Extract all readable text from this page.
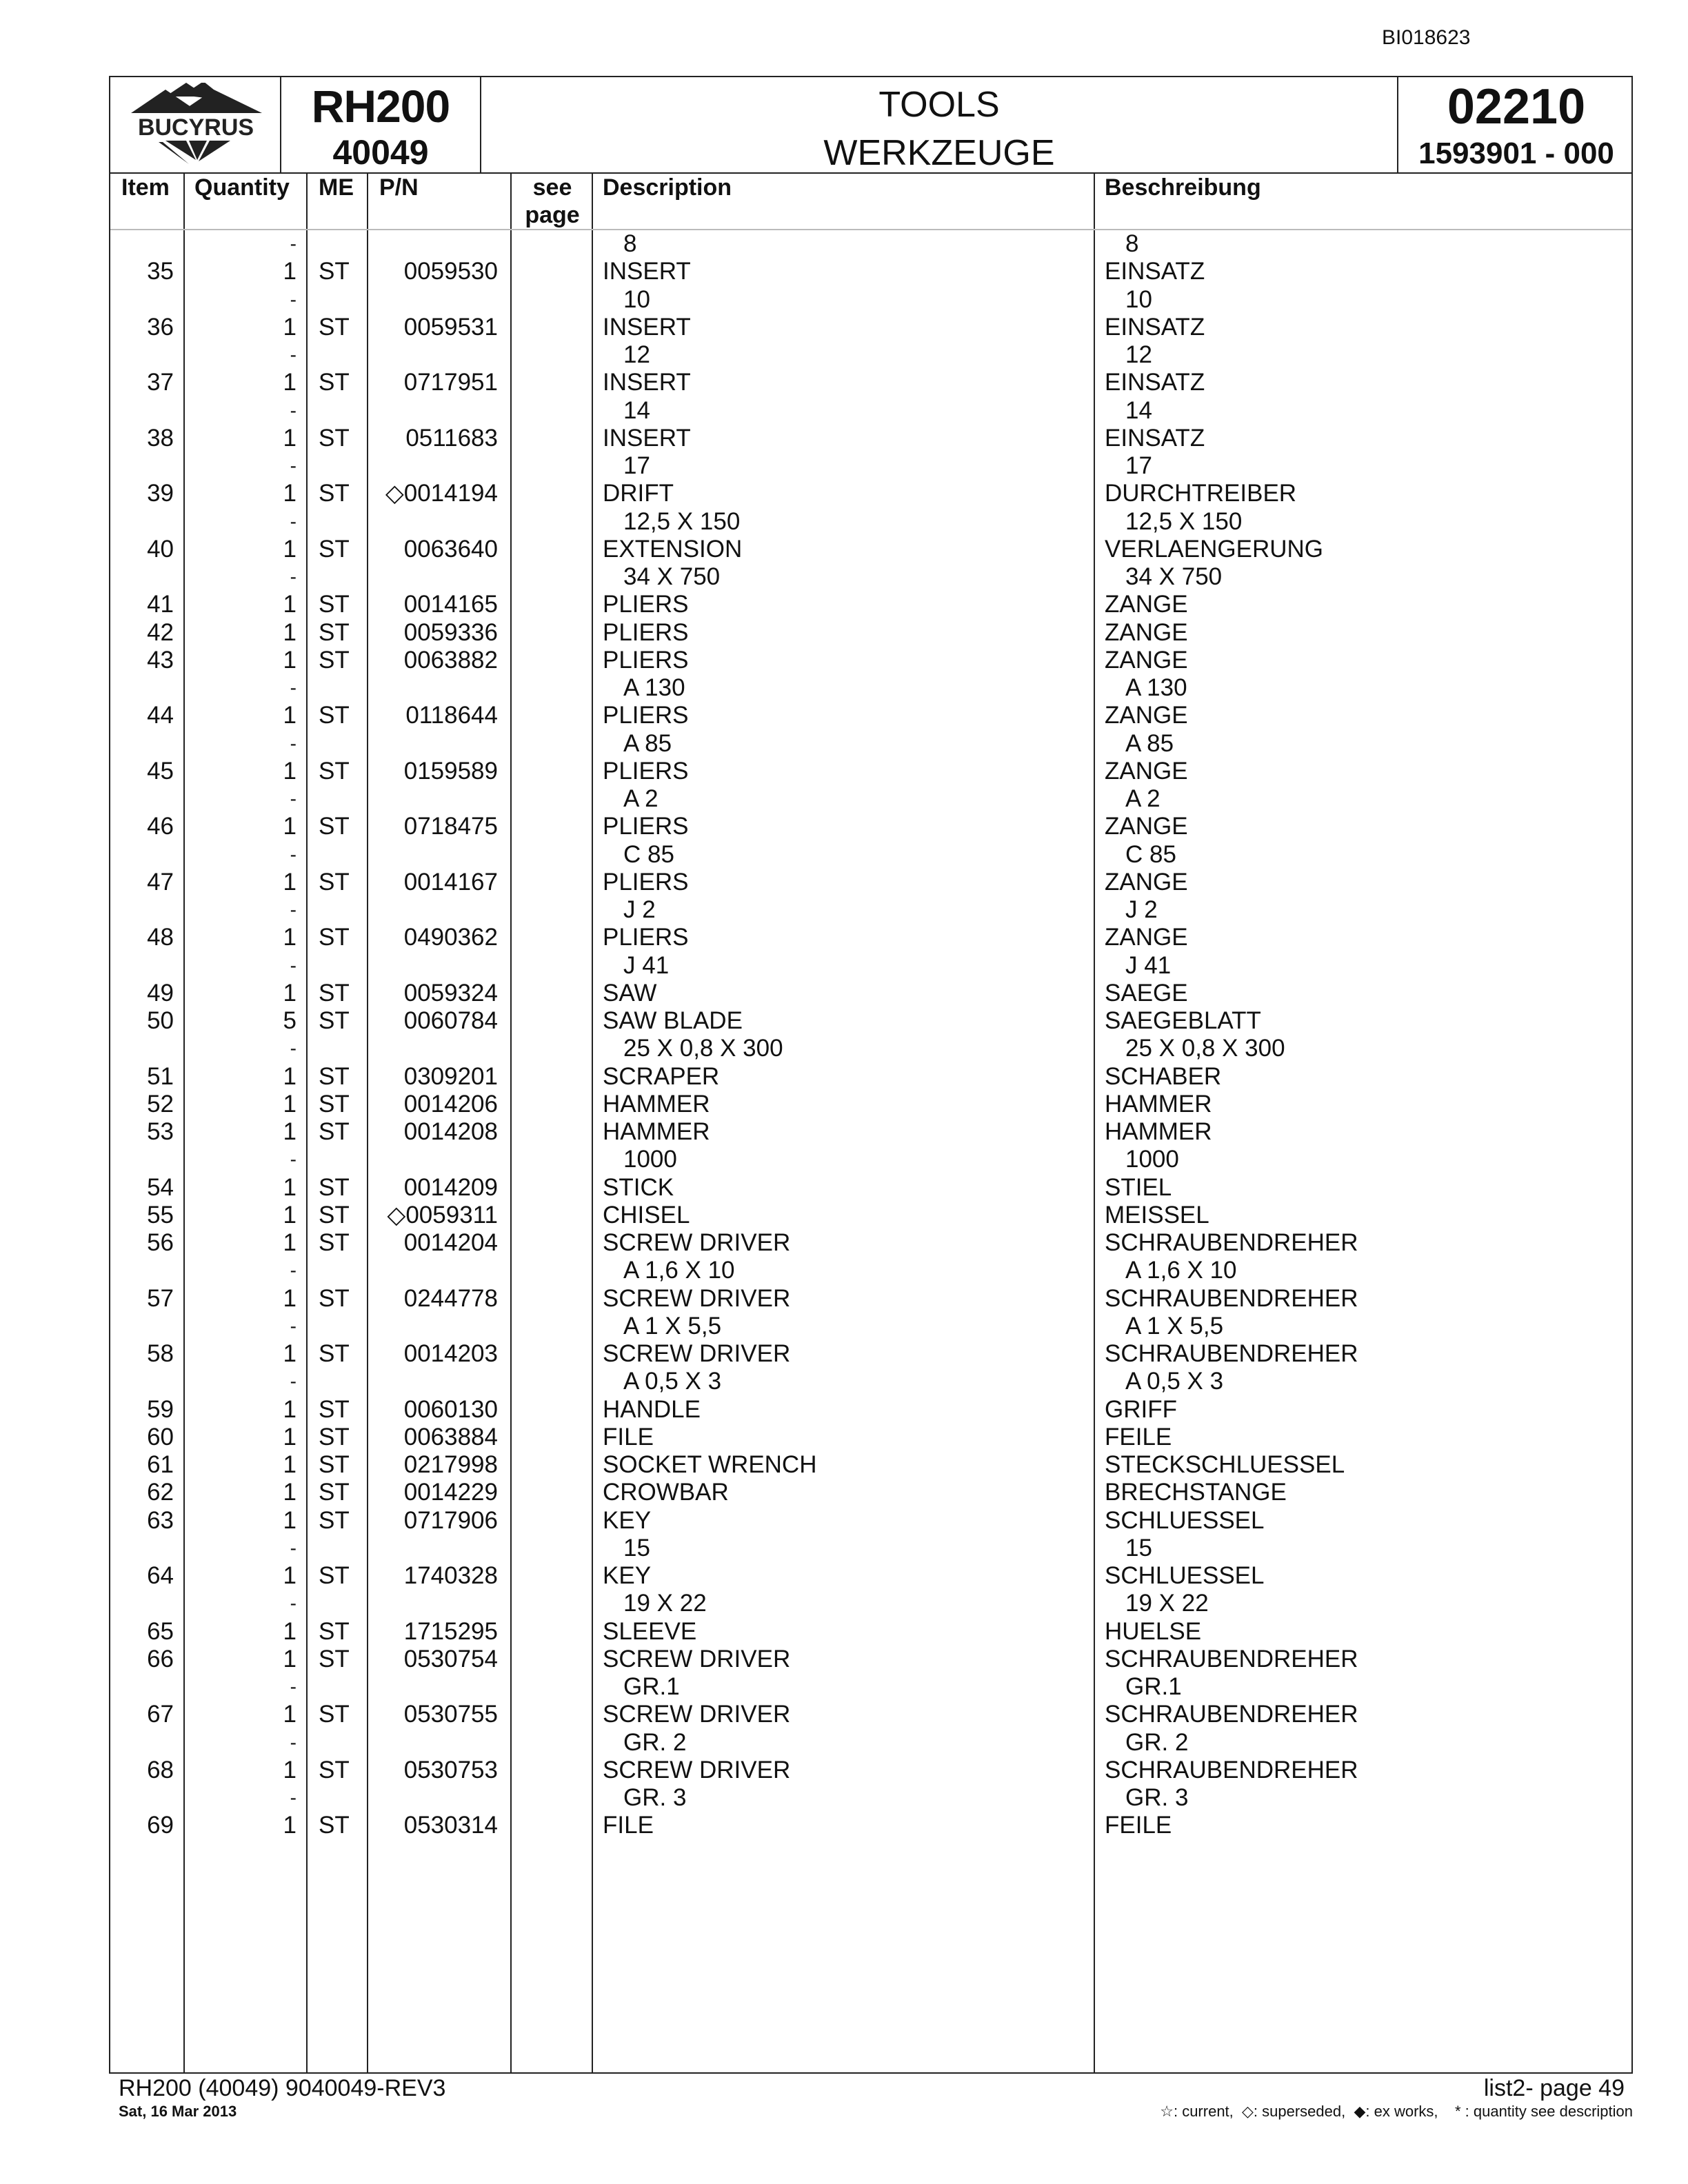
BI018623
BUCYRUS	RH200
40049
TOOLS
WERKZEUGE
02210
1593901 - 000
Item Quantity ME P/N	see page
Description	Beschreibung
-	8	8
35	1 ST 0059530	INSERT	EINSATZ
-	10	10
36	1 ST 0059531	INSERT	EINSATZ
-	12	12
37	1 ST 0717951	INSERT	EINSATZ
-	14	14
38	1 ST 0511683	INSERT	EINSATZ
-	17	17
39	1 ST ◇0014194	DRIFT	DURCHTREIBER
-	12,5 X 150	12,5 X 150
40	1 ST 0063640	EXTENSION	VERLAENGERUNG
-	34 X 750	34 X 750
41	1 ST 0014165	PLIERS	ZANGE
42	1 ST 0059336	PLIERS	ZANGE
43	1 ST 0063882	PLIERS	ZANGE
-	A 130	A 130
44	1 ST 0118644	PLIERS	ZANGE
-	A 85	A 85
45	1 ST 0159589	PLIERS	ZANGE
-	A 2	A 2
46	1 ST 0718475	PLIERS	ZANGE
-	C 85	C 85
47	1 ST 0014167	PLIERS	ZANGE
-	J 2	J 2
48	1 ST 0490362	PLIERS	ZANGE
-	J 41	J 41
49	1 ST 0059324	SAW	SAEGE
50	5 ST 0060784	SAW BLADE	SAEGEBLATT
-	25 X 0,8 X 300	25 X 0,8 X 300
51	1 ST 0309201	SCRAPER	SCHABER
52	1 ST 0014206	HAMMER	HAMMER
53	1 ST 0014208	HAMMER	HAMMER
-	1000	1000
54	1 ST 0014209	STICK	STIEL
55	1 ST ◇0059311	CHISEL	MEISSEL
56	1 ST 0014204	SCREW DRIVER	SCHRAUBENDREHER
-	A 1,6 X 10	A 1,6 X 10
57	1 ST 0244778	SCREW DRIVER	SCHRAUBENDREHER
-	A 1 X 5,5	A 1 X 5,5
58	1 ST 0014203	SCREW DRIVER	SCHRAUBENDREHER
-	A 0,5 X 3	A 0,5 X 3
59	1 ST 0060130	HANDLE	GRIFF
60	1 ST 0063884	FILE	FEILE
61	1 ST 0217998	SOCKET WRENCH	STECKSCHLUESSEL
62	1 ST 0014229	CROWBAR	BRECHSTANGE
63	1 ST 0717906	KEY	SCHLUESSEL
-	15	15
64	1 ST 1740328	KEY	SCHLUESSEL
-	19 X 22	19 X 22
65	1 ST 1715295	SLEEVE	HUELSE
66	1 ST 0530754	SCREW DRIVER	SCHRAUBENDREHER
-	GR.1	GR.1
67	1 ST 0530755	SCREW DRIVER	SCHRAUBENDREHER
-	GR. 2	GR. 2
68	1 ST 0530753	SCREW DRIVER	SCHRAUBENDREHER
-	GR. 3	GR. 3
69	1 ST 0530314	FILE	FEILE
RH200 (40049) 9040049-REV3
Sat, 16 Mar 2013
list2- page 49
☆: current,  ◇: superseded,  ◆: ex works,    * : quantity see description
